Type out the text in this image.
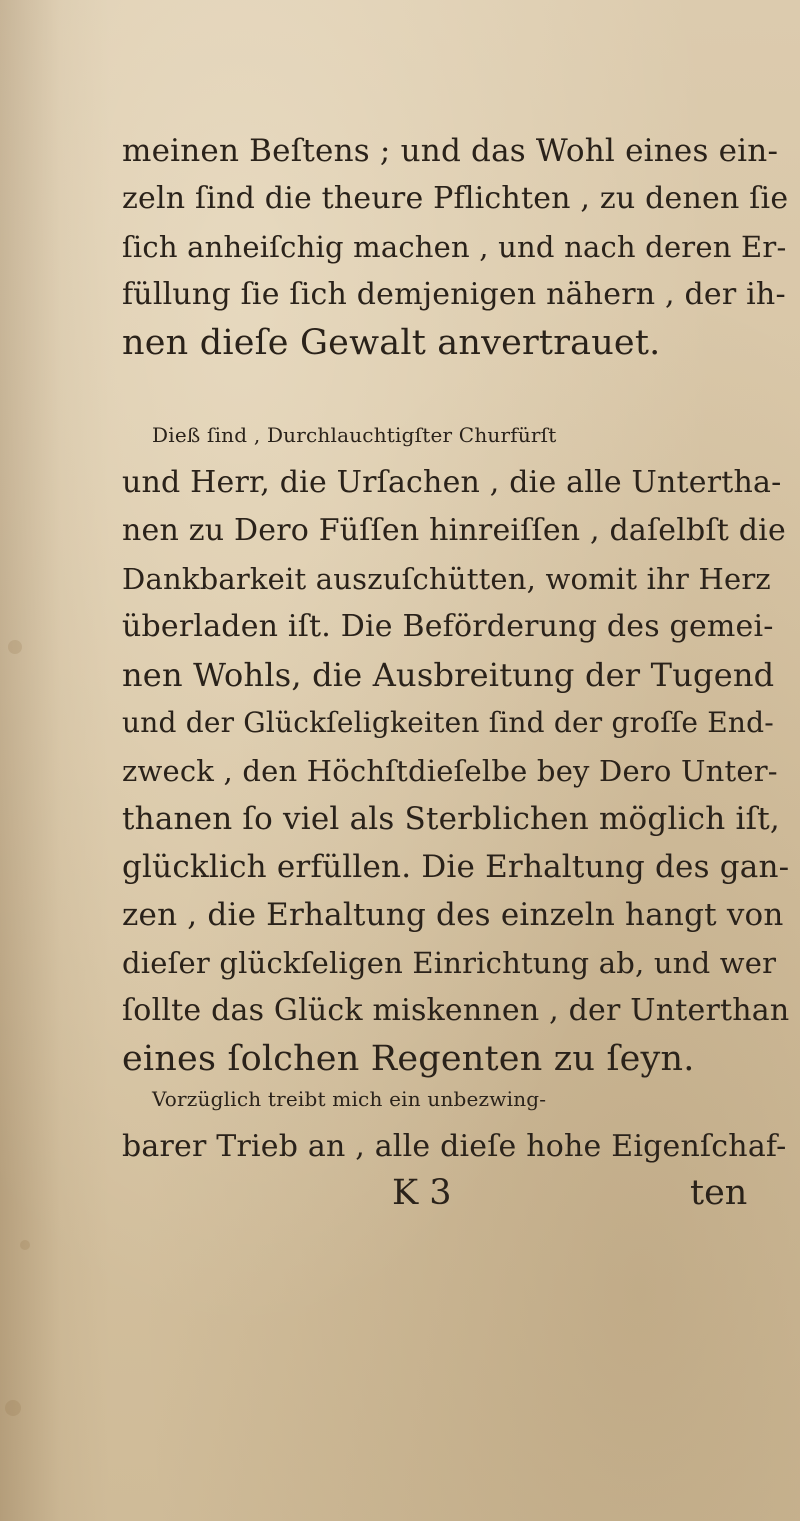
meinen Beſtens ; und das Wohl eines ein-
zeln ſind die theure Pflichten , zu denen ſie
ſich anheiſchig machen , und nach deren Er-
füllung ſie ſich demjenigen nähern , der ih-
nen dieſe Gewalt anvertrauet.
Dieß ſind , Durchlauchtigſter Churfürſt
und Herr, die Urſachen , die alle Untertha-
nen zu Dero Füſſen hinreiſſen , daſelbſt die
Dankbarkeit auszuſchütten, womit ihr Herz
überladen iſt. Die Beförderung des gemei-
nen Wohls, die Ausbreitung der Tugend
und der Glückſeligkeiten ſind der groſſe End-
zweck , den Höchſtdieſelbe bey Dero Unter-
thanen ſo viel als Sterblichen möglich iſt,
glücklich erfüllen. Die Erhaltung des gan-
zen , die Erhaltung des einzeln hangt von
dieſer glückſeligen Einrichtung ab, und wer
ſollte das Glück miskennen , der Unterthan
eines ſolchen Regenten zu ſeyn.
Vorzüglich treibt mich ein unbezwing-
barer Trieb an , alle dieſe hohe Eigenſchaf-
K 3	ten
